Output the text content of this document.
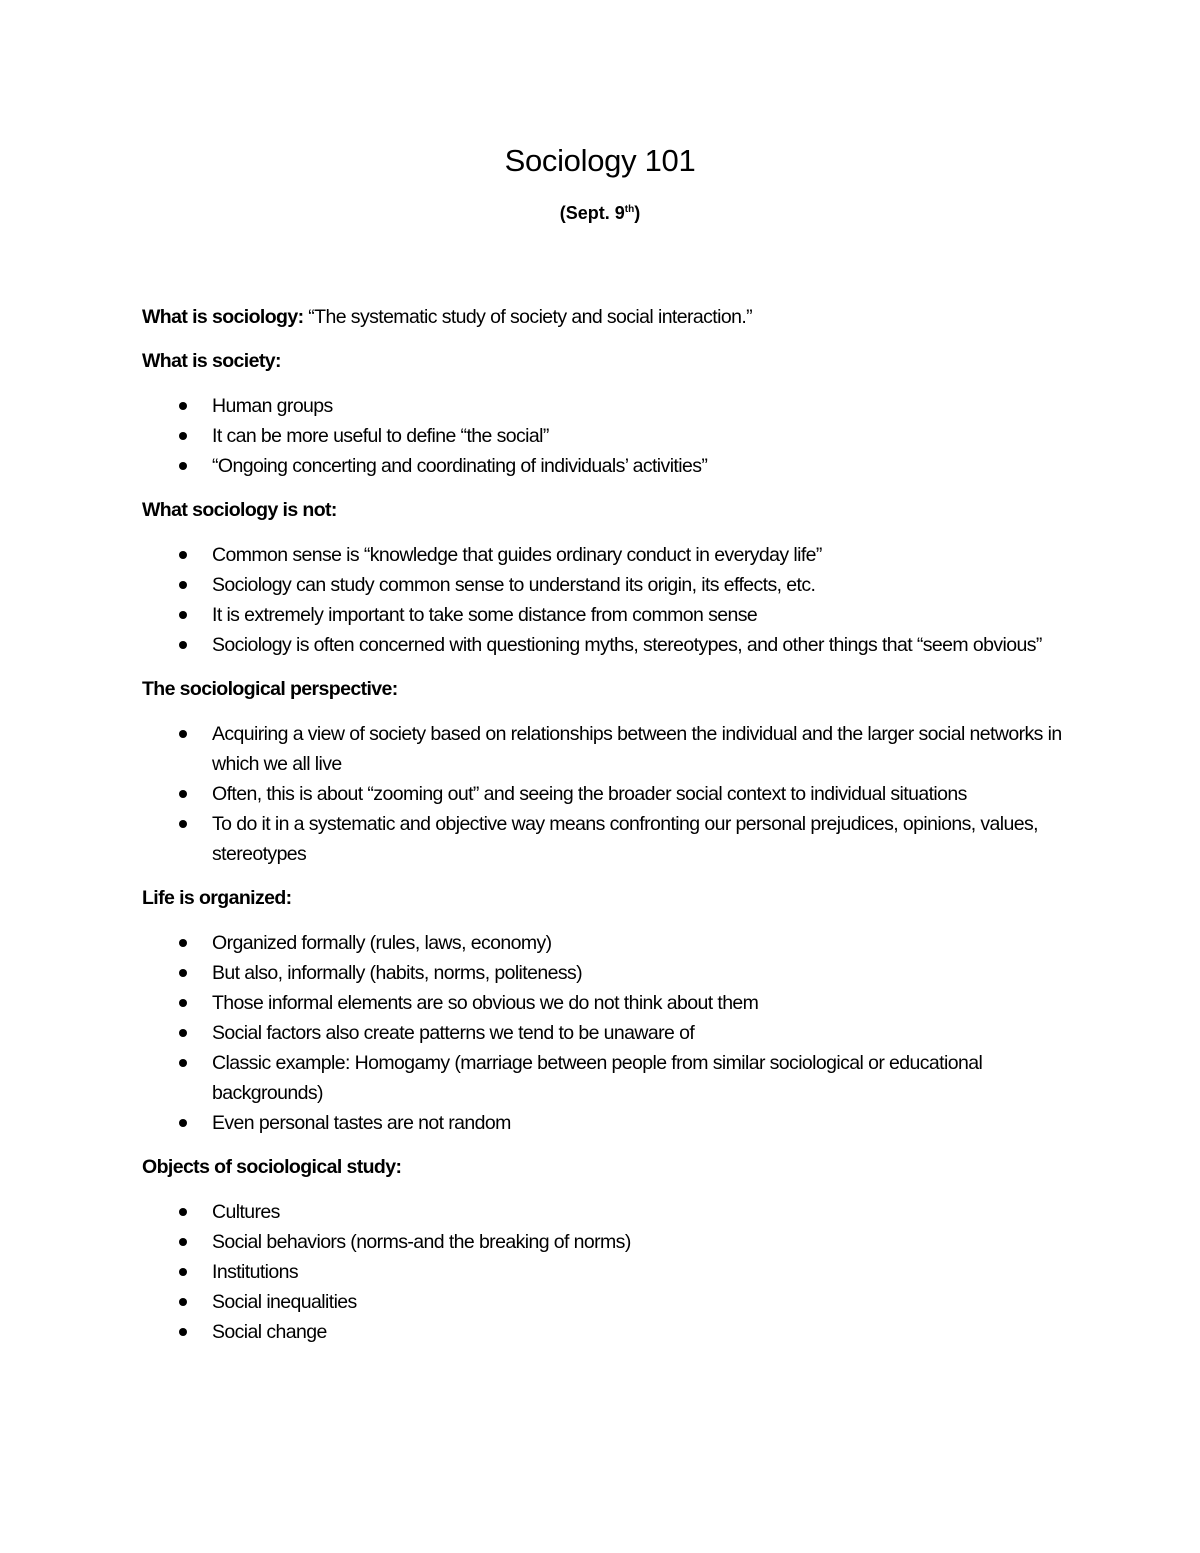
Sociology 101
(Sept. 9th)

What is sociology: “The systematic study of society and social interaction.”

What is society:

Human groups
It can be more useful to define “the social”
“Ongoing concerting and coordinating of individuals’ activities”

What sociology is not:

Common sense is “knowledge that guides ordinary conduct in everyday life”
Sociology can study common sense to understand its origin, its effects, etc.
It is extremely important to take some distance from common sense
Sociology is often concerned with questioning myths, stereotypes, and other things that “seem obvious”

The sociological perspective:

Acquiring a view of society based on relationships between the individual and the larger social networks in which we all live
Often, this is about “zooming out” and seeing the broader social context to individual situations
To do it in a systematic and objective way means confronting our personal prejudices, opinions, values, stereotypes

Life is organized:

Organized formally (rules, laws, economy)
But also, informally (habits, norms, politeness)
Those informal elements are so obvious we do not think about them
Social factors also create patterns we tend to be unaware of
Classic example: Homogamy (marriage between people from similar sociological or educational backgrounds)
Even personal tastes are not random

Objects of sociological study:

Cultures
Social behaviors (norms-and the breaking of norms)
Institutions
Social inequalities
Social change
